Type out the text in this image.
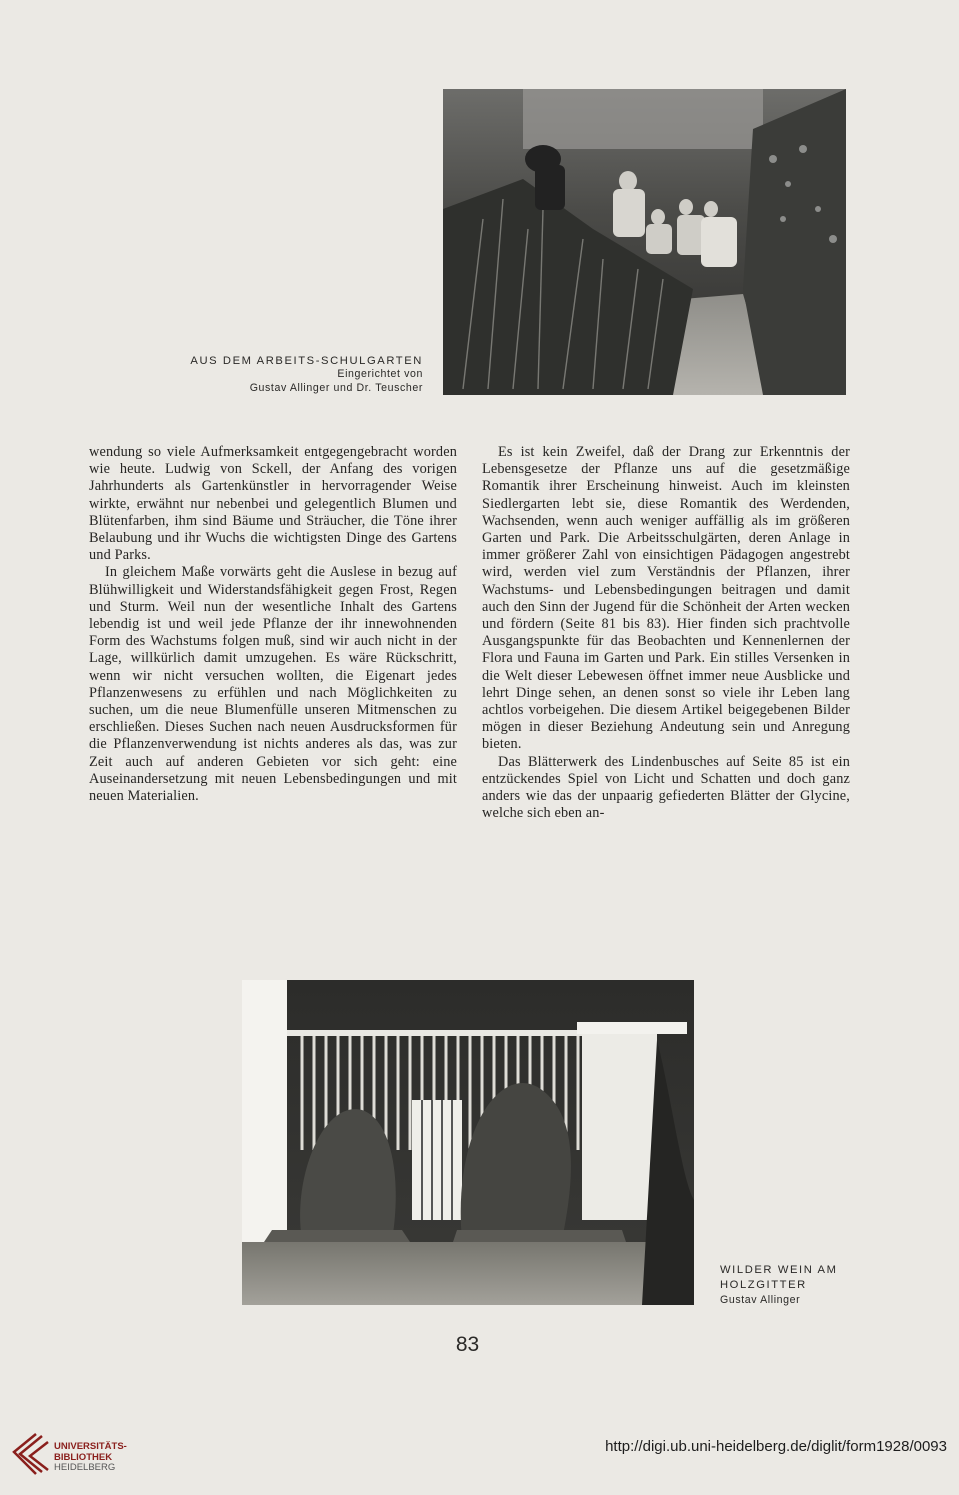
AUS DEM ARBEITS-SCHULGARTEN
Eingerichtet von
Gustav Allinger und Dr. Teuscher

wendung so viele Aufmerksamkeit entgegengebracht worden wie heute. Ludwig von Sckell, der Anfang des vorigen Jahrhunderts als Gartenkünstler in hervorragender Weise wirkte, erwähnt nur nebenbei und gelegentlich Blumen und Blütenfarben, ihm sind Bäume und Sträucher, die Töne ihrer Belaubung und ihr Wuchs die wichtigsten Dinge des Gartens und Parks.

In gleichem Maße vorwärts geht die Auslese in bezug auf Blühwilligkeit und Widerstandsfähigkeit gegen Frost, Regen und Sturm. Weil nun der wesentliche Inhalt des Gartens lebendig ist und weil jede Pflanze der ihr innewohnenden Form des Wachstums folgen muß, sind wir auch nicht in der Lage, willkürlich damit umzugehen. Es wäre Rückschritt, wenn wir nicht versuchen wollten, die Eigenart jedes Pflanzenwesens zu erfühlen und nach Möglichkeiten zu suchen, um die neue Blumenfülle unseren Mitmenschen zu erschließen. Dieses Suchen nach neuen Ausdrucksformen für die Pflanzenverwendung ist nichts anderes als das, was zur Zeit auch auf anderen Gebieten vor sich geht: eine Auseinandersetzung mit neuen Lebensbedingungen und mit neuen Materialien.

Es ist kein Zweifel, daß der Drang zur Erkenntnis der Lebensgesetze der Pflanze uns auf die gesetzmäßige Romantik ihrer Erscheinung hinweist. Auch im kleinsten Siedlergarten lebt sie, diese Romantik des Werdenden, Wachsenden, wenn auch weniger auffällig als im größeren Garten und Park. Die Arbeitsschulgärten, deren Anlage in immer größerer Zahl von einsichtigen Pädagogen angestrebt wird, werden viel zum Verständnis der Pflanzen, ihrer Wachstums- und Lebensbedingungen beitragen und damit auch den Sinn der Jugend für die Schönheit der Arten wecken und fördern (Seite 81 bis 83). Hier finden sich prachtvolle Ausgangspunkte für das Beobachten und Kennenlernen der Flora und Fauna im Garten und Park. Ein stilles Versenken in die Welt dieser Lebewesen öffnet immer neue Ausblicke und lehrt Dinge sehen, an denen sonst so viele ihr Leben lang achtlos vorbeigehen. Die diesem Artikel beigegebenen Bilder mögen in dieser Beziehung Andeutung sein und Anregung bieten.

Das Blätterwerk des Lindenbusches auf Seite 85 ist ein entzückendes Spiel von Licht und Schatten und doch ganz anders wie das der unpaarig gefiederten Blätter der Glycine, welche sich eben an-

WILDER WEIN AM
HOLZGITTER
Gustav Allinger
83
UNIVERSITÄTS-
BIBLIOTHEK
HEIDELBERG
http://digi.ub.uni-heidelberg.de/diglit/form1928/0093
